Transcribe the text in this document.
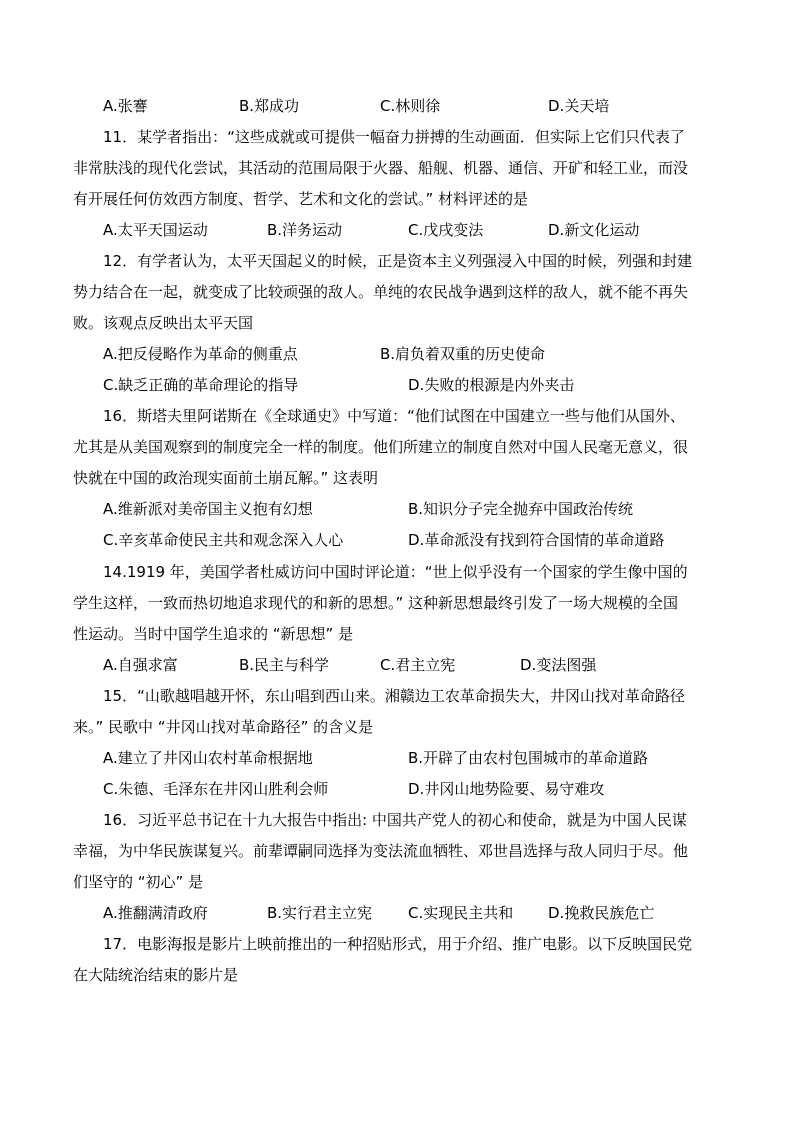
A.张謇	B.郑成功	C.林则徐	D.关天培
11．某学者指出：“这些成就或可提供一幅奋力拼搏的生动画面．但实际上它们只代表了
非常肤浅的现代化尝试，其活动的范围局限于火器、船舰、机器、通信、开矿和轻工业，而没
有开展任何仿效西方制度、哲学、艺术和文化的尝试。” 材料评述的是
A.太平天国运动	B.洋务运动	C.戊戌变法	D.新文化运动
12．有学者认为，太平天国起义的时候，正是资本主义列强浸入中国的时候，列强和封建
势力结合在一起，就变成了比较顽强的敌人。单纯的农民战争遇到这样的敌人，就不能不再失
败。该观点反映出太平天国
A.把反侵略作为革命的侧重点	B.肩负着双重的历史使命
C.缺乏正确的革命理论的指导	D.失败的根源是内外夹击
16．斯塔夫里阿诺斯在《全球通史》中写道：“他们试图在中国建立一些与他们从国外、
尤其是从美国观察到的制度完全一样的制度。他们所建立的制度自然对中国人民毫无意义，很
快就在中国的政治现实面前土崩瓦解。” 这表明
A.维新派对美帝国主义抱有幻想	B.知识分子完全抛弃中国政治传统
C.辛亥革命使民主共和观念深入人心	D.革命派没有找到符合国情的革命道路
14.1919 年，美国学者杜威访问中国时评论道：“世上似乎没有一个国家的学生像中国的
学生这样，一致而热切地追求现代的和新的思想。” 这种新思想最终引发了一场大规模的全国
性运动。当时中国学生追求的 “新思想” 是
A.自强求富	B.民主与科学	C.君主立宪	D.变法图强
15．“山歌越唱越开怀，东山唱到西山来。湘赣边工农革命损失大，井冈山找对革命路径
来。” 民歌中 “井冈山找对革命路径” 的含义是
A.建立了井冈山农村革命根据地	B.开辟了由农村包围城市的革命道路
C.朱德、毛泽东在井冈山胜利会师	D.井冈山地势险要、易守难攻
16．习近平总书记在十九大报告中指出: 中国共产党人的初心和使命，就是为中国人民谋
幸福，为中华民族谋复兴。前辈谭嗣同选择为变法流血牺牲、邓世昌选择与敌人同归于尽。他
们坚守的 “初心” 是
A.推翻满清政府	B.实行君主立宪 C.实现民主共和 D.挽救民族危亡
17．电影海报是影片上映前推出的一种招贴形式，用于介绍、推广电影。以下反映国民党
在大陆统治结束的影片是
